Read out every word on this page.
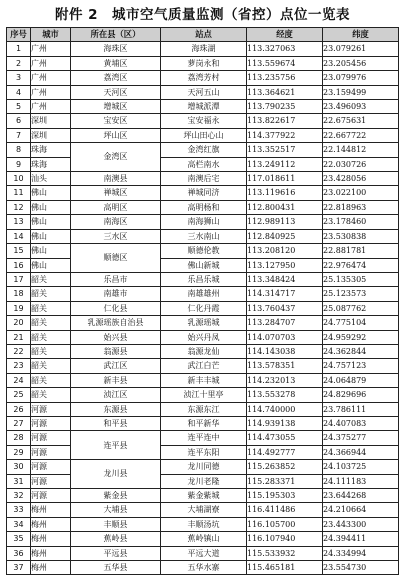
附件 2　城市空气质量监测（省控）点位一览表
序号	城市	所在县（区）	站点	经度	纬度
1	广州	海珠区	海珠湖	113.327063	23.079261
2	广州	黄埔区	萝岗永和	113.559674	23.205456
3	广州	荔湾区	荔湾芳村	113.235756	23.079976
4	广州	天河区	天河五山	113.364621	23.159499
5	广州	增城区	增城派潭	113.790235	23.496093
6	深圳	宝安区	宝安福永	113.822617	22.675631
7	深圳	坪山区	坪山田心山	114.377922	22.667722
8	珠海	金湾区	金湾红旗	113.352517	22.144812
9	珠海		高栏南水	113.249112	22.030726
10	汕头	南澳县	南澳后宅	117.018611	23.428056
11	佛山	禅城区	禅城同济	113.119616	23.022100
12	佛山	高明区	高明杨和	112.800431	22.818963
13	佛山	南海区	南海狮山	112.989113	23.178460
14	佛山	三水区	三水南山	112.840925	23.530838
15	佛山	顺德区	顺德伦教	113.208120	22.881781
16	佛山		佛山新城	113.127950	22.976474
17	韶关	乐昌市	乐昌乐城	113.348424	25.135305
18	韶关	南雄市	南雄雄州	114.314717	25.123573
19	韶关	仁化县	仁化丹霞	113.760437	25.087762
20	韶关	乳源瑶族自治县	乳源瑶城	113.284707	24.775104
21	韶关	始兴县	始兴丹凤	114.070703	24.959292
22	韶关	翁源县	翁源龙仙	114.143038	24.362844
23	韶关	武江区	武江白芒	113.578351	24.757123
24	韶关	新丰县	新丰丰城	114.232013	24.064879
25	韶关	浈江区	浈江十里亭	113.553278	24.829696
26	河源	东源县	东源东江	114.740000	23.786111
27	河源	和平县	和平新华	114.939138	24.407083
28	河源	连平县	连平连中	114.473055	24.375277
29	河源		连平东阳	114.492777	24.366944
30	河源	龙川县	龙川同德	115.263852	24.103725
31	河源		龙川老隆	115.283371	24.111183
32	河源	紫金县	紫金紫城	115.195303	23.644268
33	梅州	大埔县	大埔湖寮	116.411486	24.210664
34	梅州	丰顺县	丰顺汤坑	116.105700	23.443300
35	梅州	蕉岭县	蕉岭镇山	116.107940	24.394411
36	梅州	平远县	平远大道	115.533932	24.334994
37	梅州	五华县	五华水寨	115.465181	23.554730
